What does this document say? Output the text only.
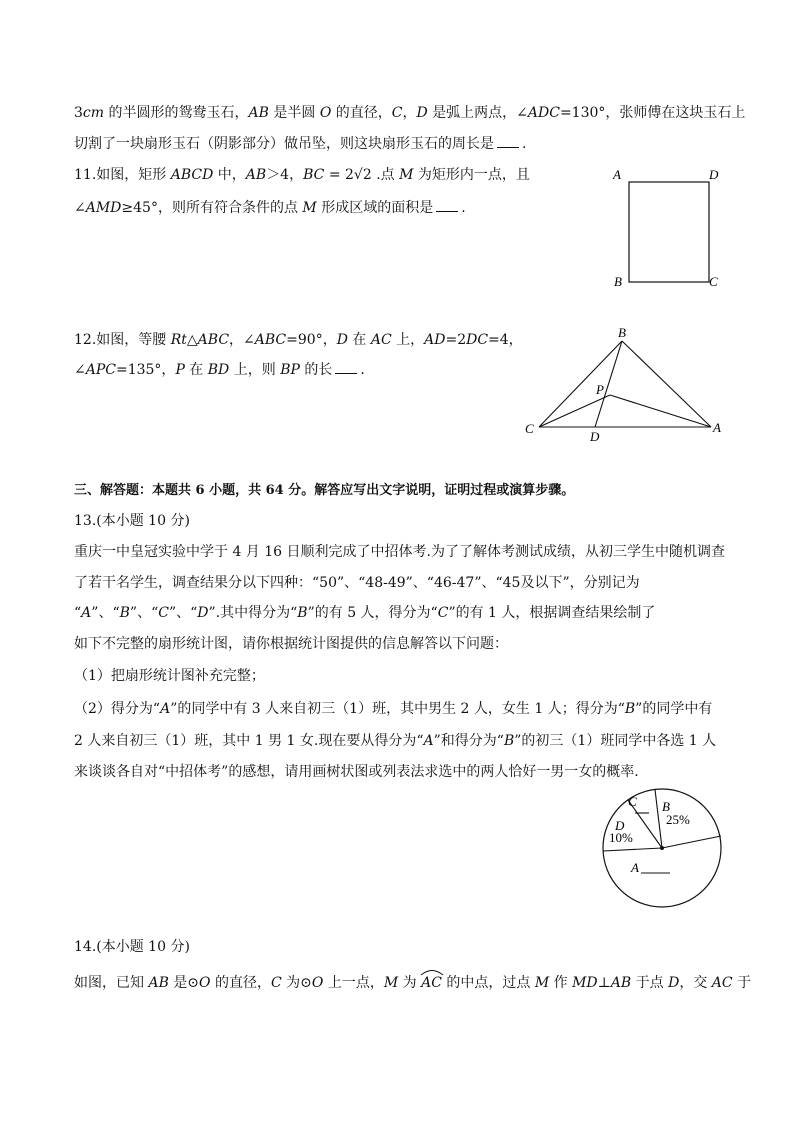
3cm 的半圆形的鸳鸯玉石，AB 是半圆 O 的直径，C，D 是弧上两点，∠ADC=130°，张师傅在这块玉石上
切割了一块扇形玉石（阴影部分）做吊坠，则这块扇形玉石的周长是 .
11.如图，矩形 ABCD 中，AB＞4，BC = 2√2 .点 M 为矩形内一点，且
∠AMD≥45°，则所有符合条件的点 M 形成区域的面积是 .
A	D
B	C
12.如图，等腰 Rt△ABC，∠ABC=90°，D 在 AC 上，AD=2DC=4，
∠APC=135°，P 在 BD 上，则 BP 的长 .
B
P
C
D
A
三、解答题：本题共 6 小题，共 64 分。解答应写出文字说明，证明过程或演算步骤。
13.(本小题 10 分)
重庆一中皇冠实验中学于 4 月 16 日顺利完成了中招体考.为了了解体考测试成绩，从初三学生中随机调查
了若干名学生，调查结果分以下四种：“50”、“48-49”、“46-47”、“45及以下”，分别记为
“A”、“B”、“C”、“D”.其中得分为“B”的有 5 人，得分为“C”的有 1 人，根据调查结果绘制了
如下不完整的扇形统计图，请你根据统计图提供的信息解答以下问题：
（1）把扇形统计图补充完整；
（2）得分为“A”的同学中有 3 人来自初三（1）班，其中男生 2 人，女生 1 人；得分为“B”的同学中有
2 人来自初三（1）班，其中 1 男 1 女.现在要从得分为“A”和得分为“B”的初三（1）班同学中各选 1 人
来谈谈各自对“中招体考”的感想，请用画树状图或列表法求选中的两人恰好一男一女的概率.
C B
25%
D
10%
A
14.(本小题 10 分)
如图，已知 AB 是⊙O 的直径，C 为⊙O 上一点，M 为
AC 的中点，过点 M 作 MD⊥AB 于点 D，交 AC 于
